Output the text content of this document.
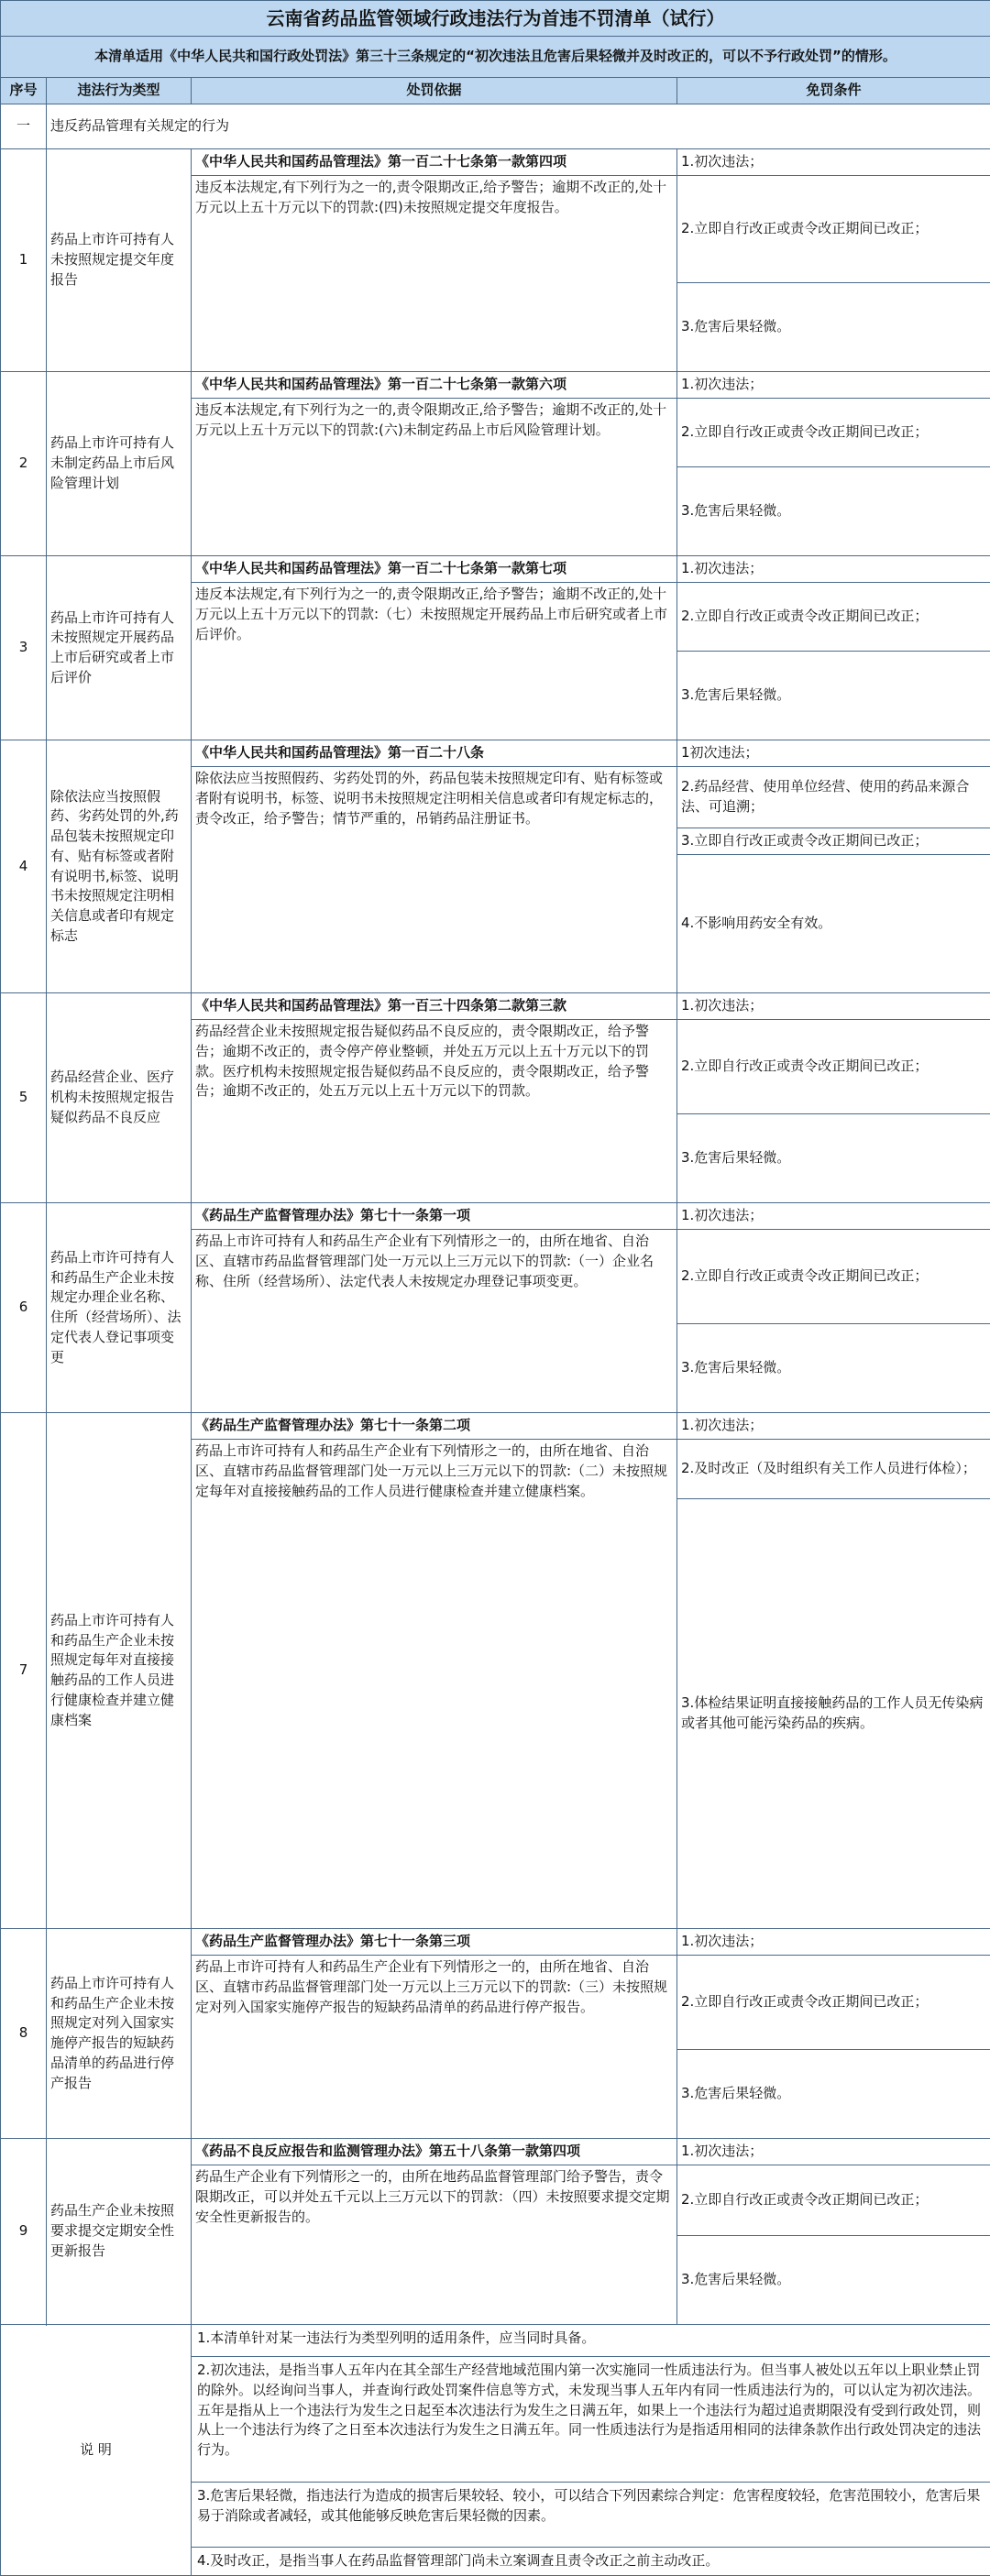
云南省药品监管领域行政违法行为首违不罚清单（试行）			
本清单适用《中华人民共和国行政处罚法》第三十三条规定的“初次违法且危害后果轻微并及时改正的，可以不予行政处罚”的情形。			
序号	违法行为类型	处罚依据	免罚条件
一	违反药品管理有关规定的行为		
1	药品上市许可持有人未按照规定提交年度报告	《中华人民共和国药品管理法》第一百二十七条第一款第四项	1.初次违法；
		违反本法规定,有下列行为之一的,责令限期改正,给予警告；逾期不改正的,处十万元以上五十万元以下的罚款:(四)未按照规定提交年度报告。	2.立即自行改正或责令改正期间已改正；
			3.危害后果轻微。

2	药品上市许可持有人未制定药品上市后风险管理计划	《中华人民共和国药品管理法》第一百二十七条第一款第六项	1.初次违法；
		违反本法规定,有下列行为之一的,责令限期改正,给予警告；逾期不改正的,处十万元以上五十万元以下的罚款:(六)未制定药品上市后风险管理计划。	2.立即自行改正或责令改正期间已改正；
			3.危害后果轻微。

3	药品上市许可持有人未按照规定开展药品上市后研究或者上市后评价	《中华人民共和国药品管理法》第一百二十七条第一款第七项	1.初次违法；
		违反本法规定,有下列行为之一的,责令限期改正,给予警告；逾期不改正的,处十万元以上五十万元以下的罚款:（七）未按照规定开展药品上市后研究或者上市后评价。	2.立即自行改正或责令改正期间已改正；
			3.危害后果轻微。

4	除依法应当按照假药、劣药处罚的外,药品包装未按照规定印有、贴有标签或者附有说明书,标签、说明书未按照规定注明相关信息或者印有规定标志	《中华人民共和国药品管理法》第一百二十八条	1初次违法；
		除依法应当按照假药、劣药处罚的外，药品包装未按照规定印有、贴有标签或者附有说明书，标签、说明书未按照规定注明相关信息或者印有规定标志的，责令改正，给予警告；情节严重的，吊销药品注册证书。	2.药品经营、使用单位经营、使用的药品来源合法、可追溯；
			3.立即自行改正或责令改正期间已改正；
			4.不影响用药安全有效。

5	药品经营企业、医疗机构未按照规定报告疑似药品不良反应	《中华人民共和国药品管理法》第一百三十四条第二款第三款	1.初次违法；
		药品经营企业未按照规定报告疑似药品不良反应的，责令限期改正，给予警告；逾期不改正的，责令停产停业整顿，并处五万元以上五十万元以下的罚款。医疗机构未按照规定报告疑似药品不良反应的，责令限期改正，给予警告；逾期不改正的，处五万元以上五十万元以下的罚款。	2.立即自行改正或责令改正期间已改正；
			3.危害后果轻微。

6	药品上市许可持有人和药品生产企业未按规定办理企业名称、住所（经营场所）、法定代表人登记事项变更	《药品生产监督管理办法》第七十一条第一项	1.初次违法；
		药品上市许可持有人和药品生产企业有下列情形之一的，由所在地省、自治区、直辖市药品监督管理部门处一万元以上三万元以下的罚款:（一）企业名称、住所（经营场所）、法定代表人未按规定办理登记事项变更。	2.立即自行改正或责令改正期间已改正；
			3.危害后果轻微。

7	药品上市许可持有人和药品生产企业未按照规定每年对直接接触药品的工作人员进行健康检查并建立健康档案	《药品生产监督管理办法》第七十一条第二项	1.初次违法；
		药品上市许可持有人和药品生产企业有下列情形之一的，由所在地省、自治区、直辖市药品监督管理部门处一万元以上三万元以下的罚款:（二）未按照规定每年对直接接触药品的工作人员进行健康检查并建立健康档案。	2.及时改正（及时组织有关工作人员进行体检）；
			3.体检结果证明直接接触药品的工作人员无传染病或者其他可能污染药品的疾病。

8	药品上市许可持有人和药品生产企业未按照规定对列入国家实施停产报告的短缺药品清单的药品进行停产报告	《药品生产监督管理办法》第七十一条第三项	1.初次违法；
		药品上市许可持有人和药品生产企业有下列情形之一的，由所在地省、自治区、直辖市药品监督管理部门处一万元以上三万元以下的罚款:（三）未按照规定对列入国家实施停产报告的短缺药品清单的药品进行停产报告。	2.立即自行改正或责令改正期间已改正；
			3.危害后果轻微。

9	药品生产企业未按照要求提交定期安全性更新报告	《药品不良反应报告和监测管理办法》第五十八条第一款第四项	1.初次违法；
		药品生产企业有下列情形之一的，由所在地药品监督管理部门给予警告，责令限期改正，可以并处五千元以上三万元以下的罚款：（四）未按照要求提交定期安全性更新报告的。	2.立即自行改正或责令改正期间已改正；
			3.危害后果轻微。

说 明		1.本清单针对某一违法行为类型列明的适用条件，应当同时具备。	
		2.初次违法，是指当事人五年内在其全部生产经营地域范围内第一次实施同一性质违法行为。但当事人被处以五年以上职业禁止罚的除外。以经询问当事人，并查询行政处罚案件信息等方式，未发现当事人五年内有同一性质违法行为的，可以认定为初次违法。五年是指从上一个违法行为发生之日起至本次违法行为发生之日满五年，如果上一个违法行为超过追责期限没有受到行政处罚，则从上一个违法行为终了之日至本次违法行为发生之日满五年。同一性质违法行为是指适用相同的法律条款作出行政处罚决定的违法行为。	
		3.危害后果轻微，指违法行为造成的损害后果较轻、较小，可以结合下列因素综合判定：危害程度较轻，危害范围较小，危害后果易于消除或者减轻，或其他能够反映危害后果轻微的因素。	
		4.及时改正，是指当事人在药品监督管理部门尚未立案调查且责令改正之前主动改正。	
